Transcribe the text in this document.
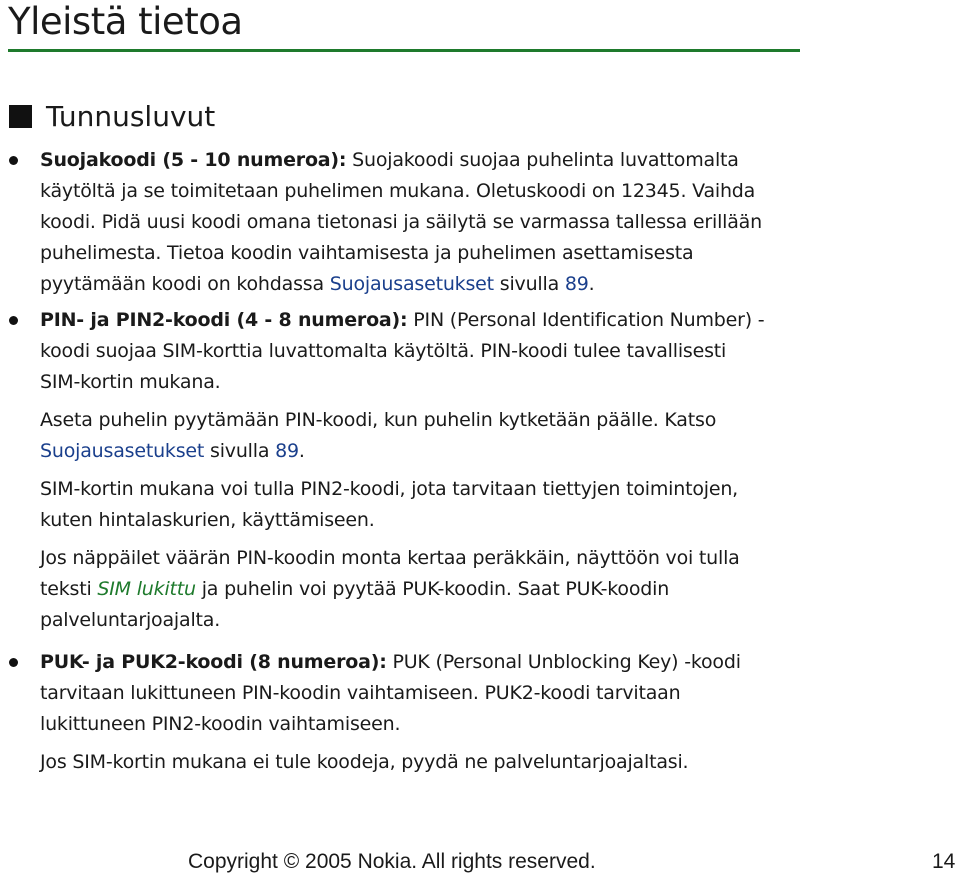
Yleistä tietoa
Tunnusluvut
Suojakoodi (5 - 10 numeroa): Suojakoodi suojaa puhelinta luvattomalta
käytöltä ja se toimitetaan puhelimen mukana. Oletuskoodi on 12345. Vaihda
koodi. Pidä uusi koodi omana tietonasi ja säilytä se varmassa tallessa erillään
puhelimesta. Tietoa koodin vaihtamisesta ja puhelimen asettamisesta
pyytämään koodi on kohdassa Suojausasetukset sivulla 89.
PIN- ja PIN2-koodi (4 - 8 numeroa): PIN (Personal Identification Number) -
koodi suojaa SIM-korttia luvattomalta käytöltä. PIN-koodi tulee tavallisesti
SIM-kortin mukana.
Aseta puhelin pyytämään PIN-koodi, kun puhelin kytketään päälle. Katso
Suojausasetukset sivulla 89.
SIM-kortin mukana voi tulla PIN2-koodi, jota tarvitaan tiettyjen toimintojen,
kuten hintalaskurien, käyttämiseen.
Jos näppäilet väärän PIN-koodin monta kertaa peräkkäin, näyttöön voi tulla
teksti SIM lukittu ja puhelin voi pyytää PUK-koodin. Saat PUK-koodin
palveluntarjoajalta.
PUK- ja PUK2-koodi (8 numeroa): PUK (Personal Unblocking Key) -koodi
tarvitaan lukittuneen PIN-koodin vaihtamiseen. PUK2-koodi tarvitaan
lukittuneen PIN2-koodin vaihtamiseen.
Jos SIM-kortin mukana ei tule koodeja, pyydä ne palveluntarjoajaltasi.
Copyright © 2005 Nokia. All rights reserved.	14
